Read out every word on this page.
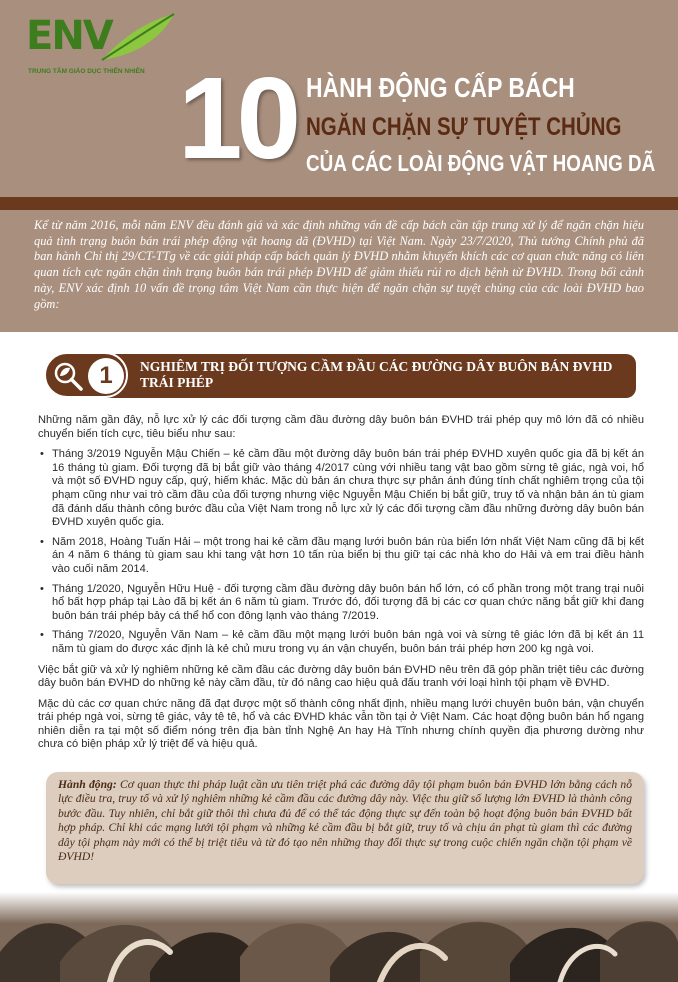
ENV
TRUNG TÂM GIÁO DỤC THIÊN NHIÊN 10 HÀNH ĐỘNG CẤP BÁCH
NGĂN CHẶN SỰ TUYỆT CHỦNG
CỦA CÁC LOÀI ĐỘNG VẬT HOANG DÃ

Kể từ năm 2016, mỗi năm ENV đều đánh giá và xác định những vấn đề cấp bách cần tập trung xử lý để ngăn chặn hiệu quả tình trạng buôn bán trái phép động vật hoang dã (ĐVHD) tại Việt Nam. Ngày 23/7/2020, Thủ tướng Chính phủ đã ban hành Chỉ thị 29/CT-TTg về các giải pháp cấp bách quản lý ĐVHD nhằm khuyến khích các cơ quan chức năng có liên quan tích cực ngăn chặn tình trạng buôn bán trái phép ĐVHD để giảm thiểu rủi ro dịch bệnh từ ĐVHD. Trong bối cảnh này, ENV xác định 10 vấn đề trọng tâm Việt Nam cần thực hiện để ngăn chặn sự tuyệt chủng của các loài ĐVHD bao gồm:

1	NGHIÊM TRỊ ĐỐI TƯỢNG CẦM ĐẦU CÁC ĐƯỜNG DÂY BUÔN BÁN ĐVHD TRÁI PHÉP

Những năm gần đây, nỗ lực xử lý các đối tượng cầm đầu đường dây buôn bán ĐVHD trái phép quy mô lớn đã có nhiều chuyển biến tích cực, tiêu biểu như sau:

• Tháng 3/2019 Nguyễn Mậu Chiến – kẻ cầm đầu một đường dây buôn bán trái phép ĐVHD xuyên quốc gia đã bị kết án 16 tháng tù giam. Đối tượng đã bị bắt giữ vào tháng 4/2017 cùng với nhiều tang vật bao gồm sừng tê giác, ngà voi, hổ và một số ĐVHD nguy cấp, quý, hiếm khác. Mặc dù bản án chưa thực sự phản ánh đúng tính chất nghiêm trọng của tội phạm cũng như vai trò cầm đầu của đối tượng nhưng việc Nguyễn Mậu Chiến bị bắt giữ, truy tố và nhận bản án tù giam đã đánh dấu thành công bước đầu của Việt Nam trong nỗ lực xử lý các đối tượng cầm đầu những đường dây buôn bán ĐVHD xuyên quốc gia.
• Năm 2018, Hoàng Tuấn Hải – một trong hai kẻ cầm đầu mạng lưới buôn bán rùa biển lớn nhất Việt Nam cũng đã bị kết án 4 năm 6 tháng tù giam sau khi tang vật hơn 10 tấn rùa biển bị thu giữ tại các nhà kho do Hải và em trai điều hành vào cuối năm 2014.
• Tháng 1/2020, Nguyễn Hữu Huệ - đối tượng cầm đầu đường dây buôn bán hổ lớn, có cổ phần trong một trang trại nuôi hổ bất hợp pháp tại Lào đã bị kết án 6 năm tù giam. Trước đó, đối tượng đã bị các cơ quan chức năng bắt giữ khi đang buôn bán trái phép bảy cá thể hổ con đông lạnh vào tháng 7/2019.
• Tháng 7/2020, Nguyễn Văn Nam – kẻ cầm đầu một mạng lưới buôn bán ngà voi và sừng tê giác lớn đã bị kết án 11 năm tù giam do được xác định là kẻ chủ mưu trong vụ án vận chuyển, buôn bán trái phép hơn 200 kg ngà voi.

Việc bắt giữ và xử lý nghiêm những kẻ cầm đầu các đường dây buôn bán ĐVHD nêu trên đã góp phần triệt tiêu các đường dây buôn bán ĐVHD do những kẻ này cầm đầu, từ đó nâng cao hiệu quả đấu tranh với loại hình tội phạm về ĐVHD.

Mặc dù các cơ quan chức năng đã đạt được một số thành công nhất định, nhiều mạng lưới chuyên buôn bán, vận chuyển trái phép ngà voi, sừng tê giác, vảy tê tê, hổ và các ĐVHD khác vẫn tồn tại ở Việt Nam. Các hoạt động buôn bán hổ ngang nhiên diễn ra tại một số điểm nóng trên địa bàn tỉnh Nghệ An hay Hà Tĩnh nhưng chính quyền địa phương dường như chưa có biện pháp xử lý triệt để và hiệu quả.

Hành động: Cơ quan thực thi pháp luật cần ưu tiên triệt phá các đường dây tội phạm buôn bán ĐVHD lớn bằng cách nỗ lực điều tra, truy tố và xử lý nghiêm những kẻ cầm đầu các đường dây này. Việc thu giữ số lượng lớn ĐVHD là thành công bước đầu. Tuy nhiên, chỉ bắt giữ thôi thì chưa đủ để có thể tác động thực sự đến toàn bộ hoạt động buôn bán ĐVHD bất hợp pháp. Chỉ khi các mạng lưới tội phạm và những kẻ cầm đầu bị bắt giữ, truy tố và chịu án phạt tù giam thì các đường dây tội phạm này mới có thể bị triệt tiêu và từ đó tạo nên những thay đổi thực sự trong cuộc chiến ngăn chặn tội phạm về ĐVHD!
